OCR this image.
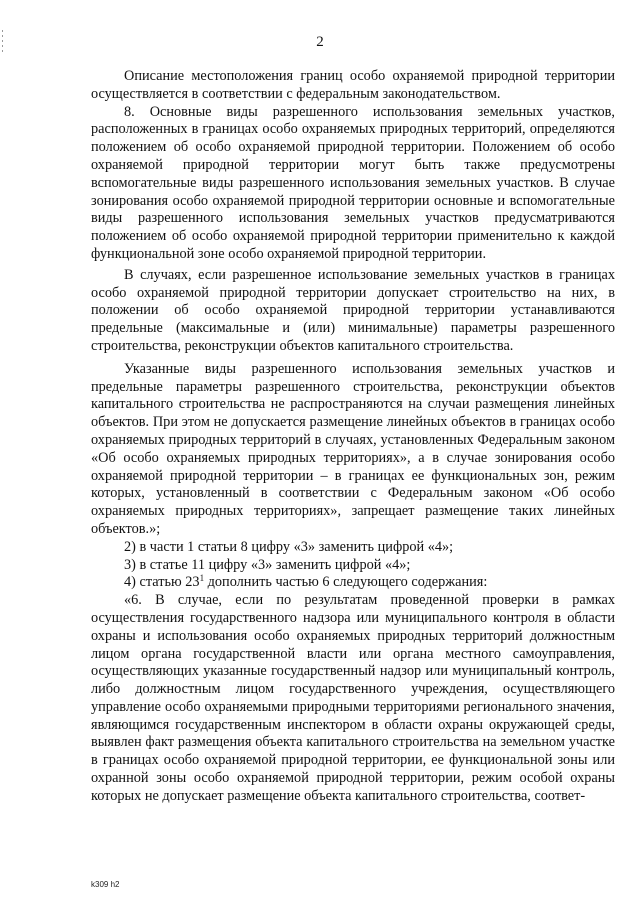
2

Описание местоположения границ особо охраняемой природной территории осуществляется в соответствии с федеральным законодательством.

8. Основные виды разрешенного использования земельных участков, расположенных в границах особо охраняемых природных территорий, определяются положением об особо охраняемой природной территории. Положением об особо охраняемой природной территории могут быть также предусмотрены вспомогательные виды разрешенного использования земельных участков. В случае зонирования особо охраняемой природной территории основные и вспомогательные виды разрешенного использования земельных участков предусматриваются положением об особо охраняемой природной территории применительно к каждой функциональной зоне особо охраняемой природной территории.

В случаях, если разрешенное использование земельных участков в границах особо охраняемой природной территории допускает строительство на них, в положении об особо охраняемой природной территории устанавливаются предельные (максимальные и (или) минимальные) параметры разрешенного строительства, реконструкции объектов капитального строительства.

Указанные виды разрешенного использования земельных участков и предельные параметры разрешенного строительства, реконструкции объектов капитального строительства не распространяются на случаи размещения линейных объектов. При этом не допускается размещение линейных объектов в границах особо охраняемых природных территорий в случаях, установленных Федеральным законом «Об особо охраняемых природных территориях», а в случае зонирования особо охраняемой природной территории – в границах ее функциональных зон, режим которых, установленный в соответствии с Федеральным законом «Об особо охраняемых природных территориях», запрещает размещение таких линейных объектов.»;

2) в части 1 статьи 8 цифру «3» заменить цифрой «4»;

3) в статье 11 цифру «3» заменить цифрой «4»;

4) статью $23^1$ дополнить частью 6 следующего содержания:

«6. В случае, если по результатам проведенной проверки в рамках осуществления государственного надзора или муниципального контроля в области охраны и использования особо охраняемых природных территорий должностным лицом органа государственной власти или органа местного самоуправления, осуществляющих указанные государственный надзор или муниципальный контроль, либо должностным лицом государственного учреждения, осуществляющего управление особо охраняемыми природными территориями регионального значения, являющимся государственным инспектором в области охраны окружающей среды, выявлен факт размещения объекта капитального строительства на земельном участке в границах особо охраняемой природной территории, ее функциональной зоны или охранной зоны особо охраняемой природной территории, режим особой охраны которых не допускает размещение объекта капитального строительства, соответ-

k309 h2
